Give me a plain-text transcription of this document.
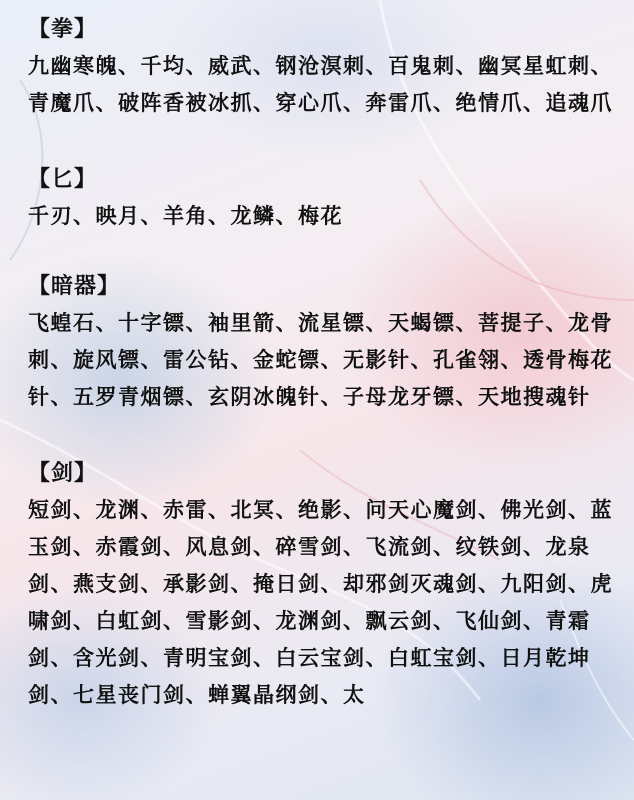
【拳】

九幽寒魄、千均、威武、钢沧溟刺、百鬼刺、幽冥星虹刺、青魔爪、破阵香被冰抓、穿心爪、奔雷爪、绝情爪、追魂爪

【匕】

千刃、映月、羊角、龙鳞、梅花

【暗器】

飞蝗石、十字镖、袖里箭、流星镖、天蝎镖、菩提子、龙骨刺、旋风镖、雷公钻、金蛇镖、无影针、孔雀翎、透骨梅花针、五罗青烟镖、玄阴冰魄针、子母龙牙镖、天地搜魂针

【剑】

短剑、龙渊、赤雷、北冥、绝影、问天心魔剑、佛光剑、蓝玉剑、赤霞剑、风息剑、碎雪剑、飞流剑、纹铁剑、龙泉剑、燕支剑、承影剑、掩日剑、却邪剑灭魂剑、九阳剑、虎啸剑、白虹剑、雪影剑、龙渊剑、飘云剑、飞仙剑、青霜剑、含光剑、青明宝剑、白云宝剑、白虹宝剑、日月乾坤剑、七星丧门剑、蝉翼晶纲剑、太
